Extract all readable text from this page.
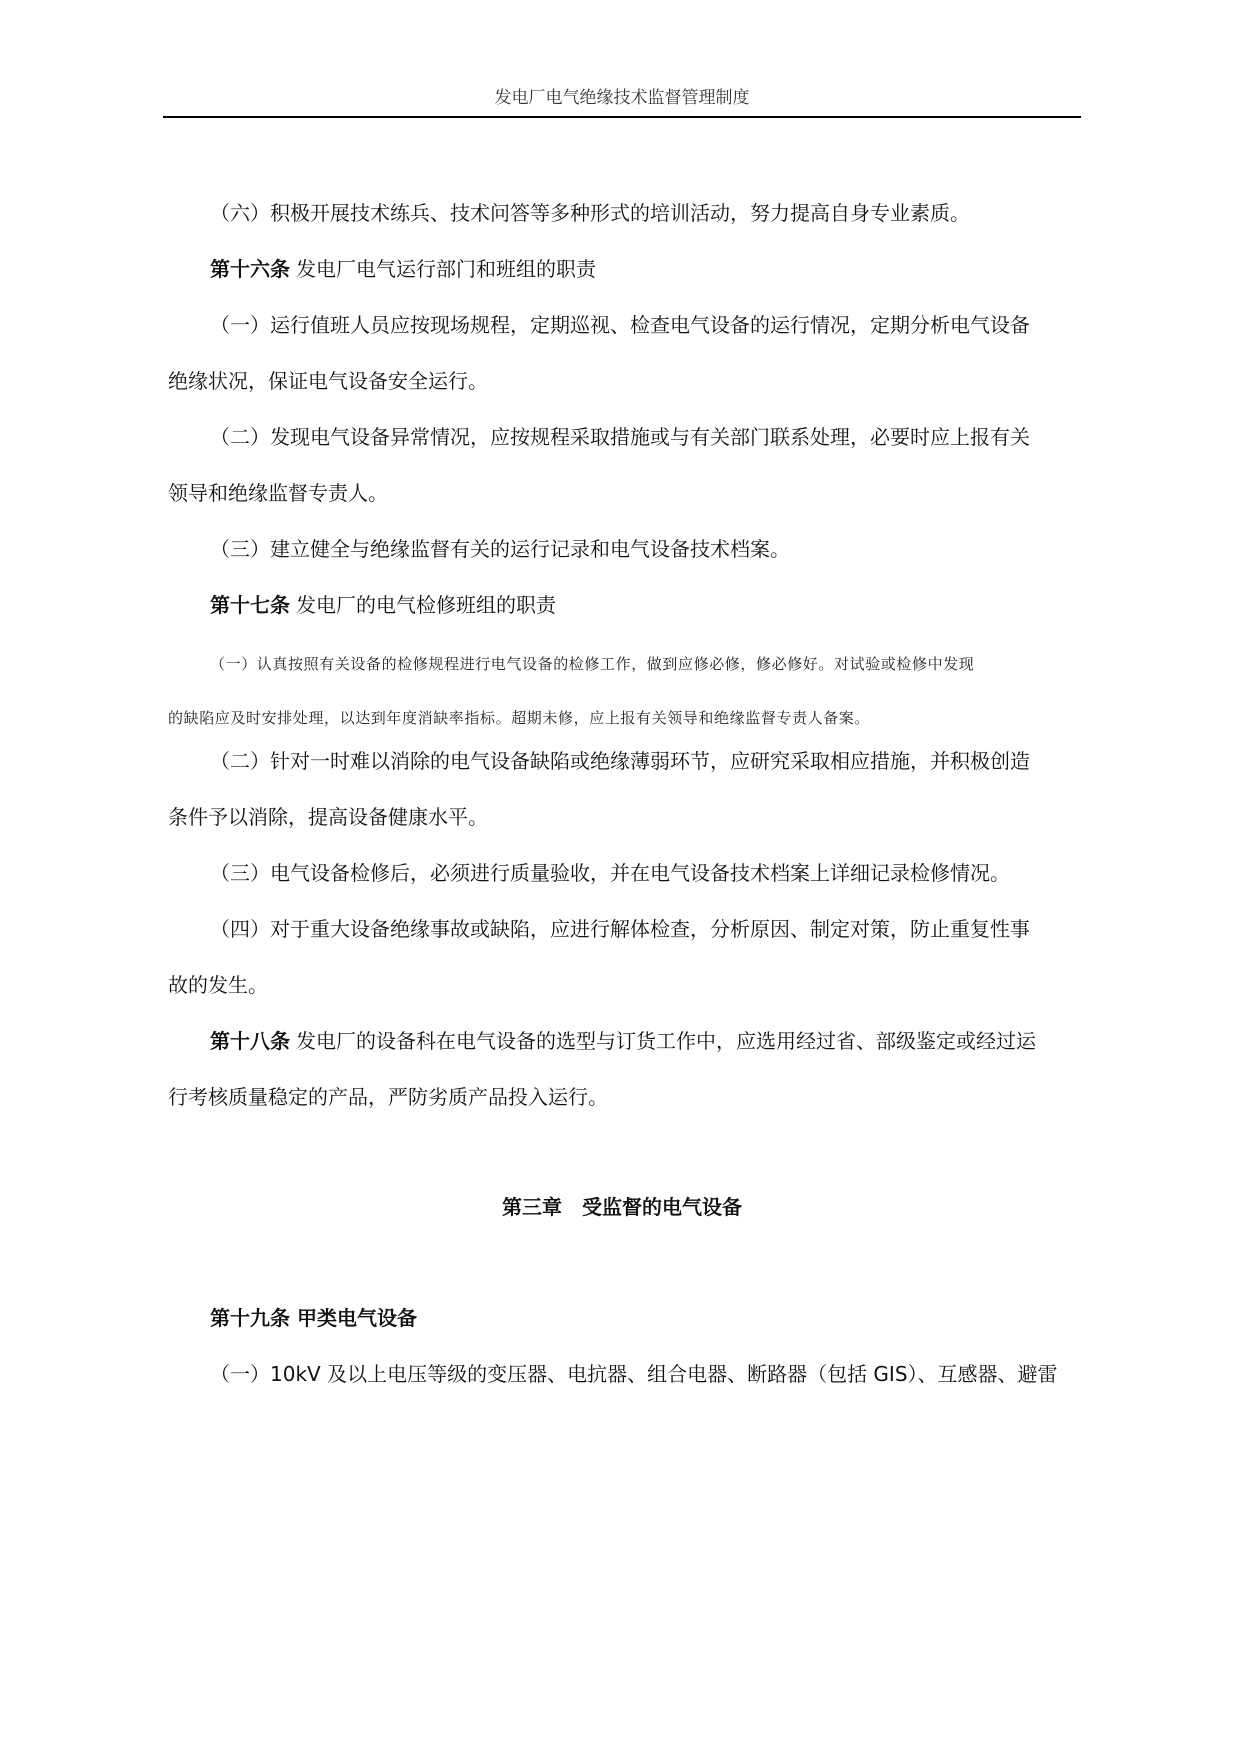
发电厂电气绝缘技术监督管理制度
（六）积极开展技术练兵、技术问答等多种形式的培训活动，努力提高自身专业素质。
第十六条 发电厂电气运行部门和班组的职责
（一）运行值班人员应按现场规程，定期巡视、检查电气设备的运行情况，定期分析电气设备
绝缘状况，保证电气设备安全运行。
（二）发现电气设备异常情况，应按规程采取措施或与有关部门联系处理，必要时应上报有关
领导和绝缘监督专责人。
（三）建立健全与绝缘监督有关的运行记录和电气设备技术档案。
第十七条 发电厂的电气检修班组的职责
（一）认真按照有关设备的检修规程进行电气设备的检修工作，做到应修必修，修必修好。对试验或检修中发现
的缺陷应及时安排处理，以达到年度消缺率指标。超期未修，应上报有关领导和绝缘监督专责人备案。
（二）针对一时难以消除的电气设备缺陷或绝缘薄弱环节，应研究采取相应措施，并积极创造
条件予以消除，提高设备健康水平。
（三）电气设备检修后，必须进行质量验收，并在电气设备技术档案上详细记录检修情况。
（四）对于重大设备绝缘事故或缺陷，应进行解体检查，分析原因、制定对策，防止重复性事
故的发生。
第十八条 发电厂的设备科在电气设备的选型与订货工作中，应选用经过省、部级鉴定或经过运
行考核质量稳定的产品，严防劣质产品投入运行。
第三章　受监督的电气设备
第十九条 甲类电气设备
（一）10kV 及以上电压等级的变压器、电抗器、组合电器、断路器（包括 GIS）、互感器、避雷
